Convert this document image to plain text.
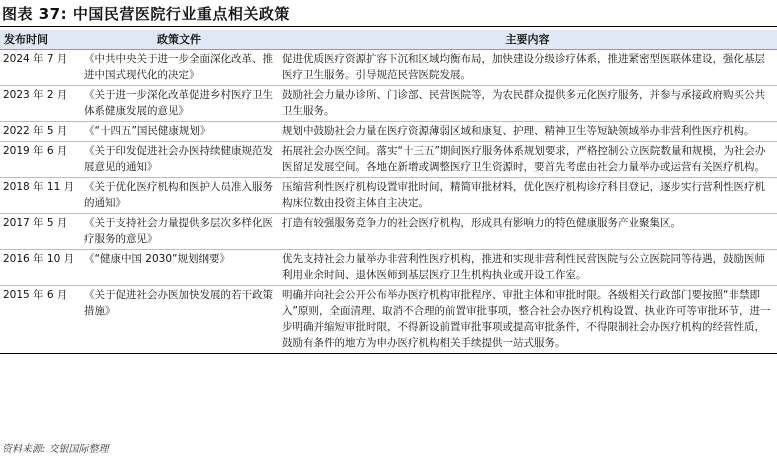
图表 37: 中国民营医院行业重点相关政策
发布时间	政策文件	主要内容
2024 年 7 月	《中共中央关于进一步全面深化改革、推进中国式现代化的决定》	促进优质医疗资源扩容下沉和区域均衡布局，加快建设分级诊疗体系，推进紧密型医联体建设，强化基层医疗卫生服务。引导规范民营医院发展。
2023 年 2 月	《关于进一步深化改革促进乡村医疗卫生体系健康发展的意见》	鼓励社会力量办诊所、门诊部、民营医院等，为农民群众提供多元化医疗服务，并参与承接政府购买公共卫生服务。
2022 年 5 月	《“十四五”国民健康规划》	规划中鼓励社会力量在医疗资源薄弱区域和康复、护理、精神卫生等短缺领域举办非营利性医疗机构。
2019 年 6 月	《关于印发促进社会办医持续健康规范发展意见的通知》	拓展社会办医空间。落实“十三五”期间医疗服务体系规划要求，严格控制公立医院数量和规模，为社会办医留足发展空间。各地在新增或调整医疗卫生资源时，要首先考虑由社会力量举办或运营有关医疗机构。
2018 年 11 月	《关于优化医疗机构和医护人员准入服务的通知》	压缩营利性医疗机构设置审批时间，精简审批材料，优化医疗机构诊疗科目登记，逐步实行营利性医疗机构床位数由投资主体自主决定。
2017 年 5 月	《关于支持社会力量提供多层次多样化医疗服务的意见》	打造有较强服务竞争力的社会医疗机构，形成具有影响力的特色健康服务产业聚集区。
2016 年 10 月	《“健康中国 2030”规划纲要》	优先支持社会力量举办非营利性医疗机构，推进和实现非营利性民营医院与公立医院同等待遇，鼓励医师利用业余时间、退休医师到基层医疗卫生机构执业或开设工作室。
2015 年 6 月	《关于促进社会办医加快发展的若干政策措施》	明确并向社会公开公布举办医疗机构审批程序、审批主体和审批时限。各级相关行政部门要按照“非禁即入”原则，全面清理、取消不合理的前置审批事项，整合社会办医疗机构设置、执业许可等审批环节，进一步明确并缩短审批时限，不得新设前置审批事项或提高审批条件，不得限制社会办医疗机构的经营性质，鼓励有条件的地方为申办医疗机构相关手续提供一站式服务。
资料来源: 交银国际整理
